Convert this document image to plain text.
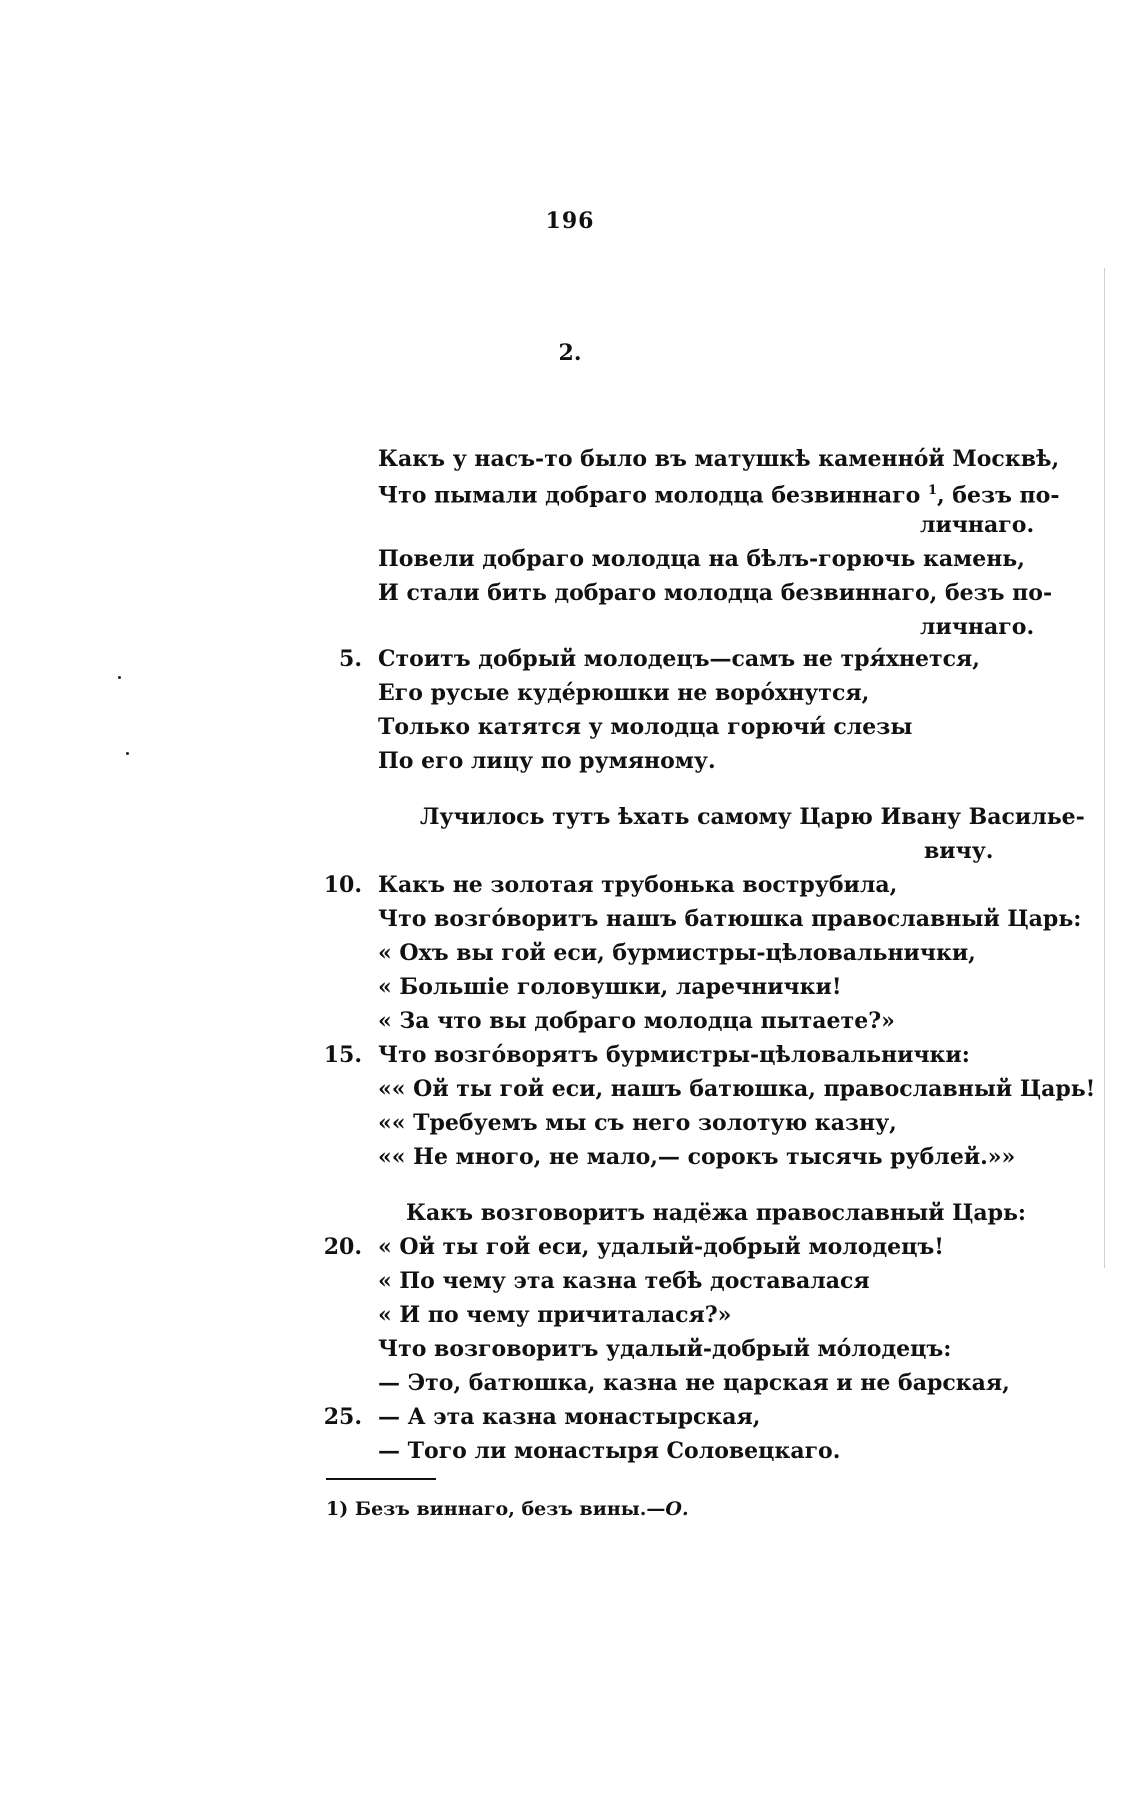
196
2.
Какъ у насъ-то было въ матушкѣ каменно́й Москвѣ,
Что пымали добраго молодца безвиннаго $^1$, безъ по-
личнаго.
Повели добраго молодца на бѣлъ-горючь камень,
И стали бить добраго молодца безвиннаго, безъ по-
личнаго.
5. Стоитъ добрый молодецъ—самъ не тря́хнется,
Его русые куде́рюшки не воро́хнутся,
Только катятся у молодца горючи́ слезы
По его лицу по румяному.
Лучилось тутъ ѣхать самому Царю Ивану Василье-
вичу.
10. Какъ не золотая трубонька вострубила,
Что возго́воритъ нашъ батюшка православный Царь:
« Охъ вы гой еси, бурмистры-цѣловальнички,
« Большіе головушки, ларечнички!
« За что вы добраго молодца пытаете?»
15. Что возго́ворятъ бурмистры-цѣловальнички:
«« Ой ты гой еси, нашъ батюшка, православный Царь!
«« Требуемъ мы съ него золотую казну,
«« Не много, не мало,— сорокъ тысячь рублей.»»
Какъ возговоритъ надёжа православный Царь:
20. « Ой ты гой еси, удалый-добрый молодецъ!
« По чему эта казна тебѣ доставалася
« И по чему причиталася?»
Что возговоритъ удалый-добрый мо́лодецъ:
— Это, батюшка, казна не царская и не барская,
25. — А эта казна монастырская,
— Того ли монастыря Соловецкаго.
1) Безъ виннаго, безъ вины.—О.
